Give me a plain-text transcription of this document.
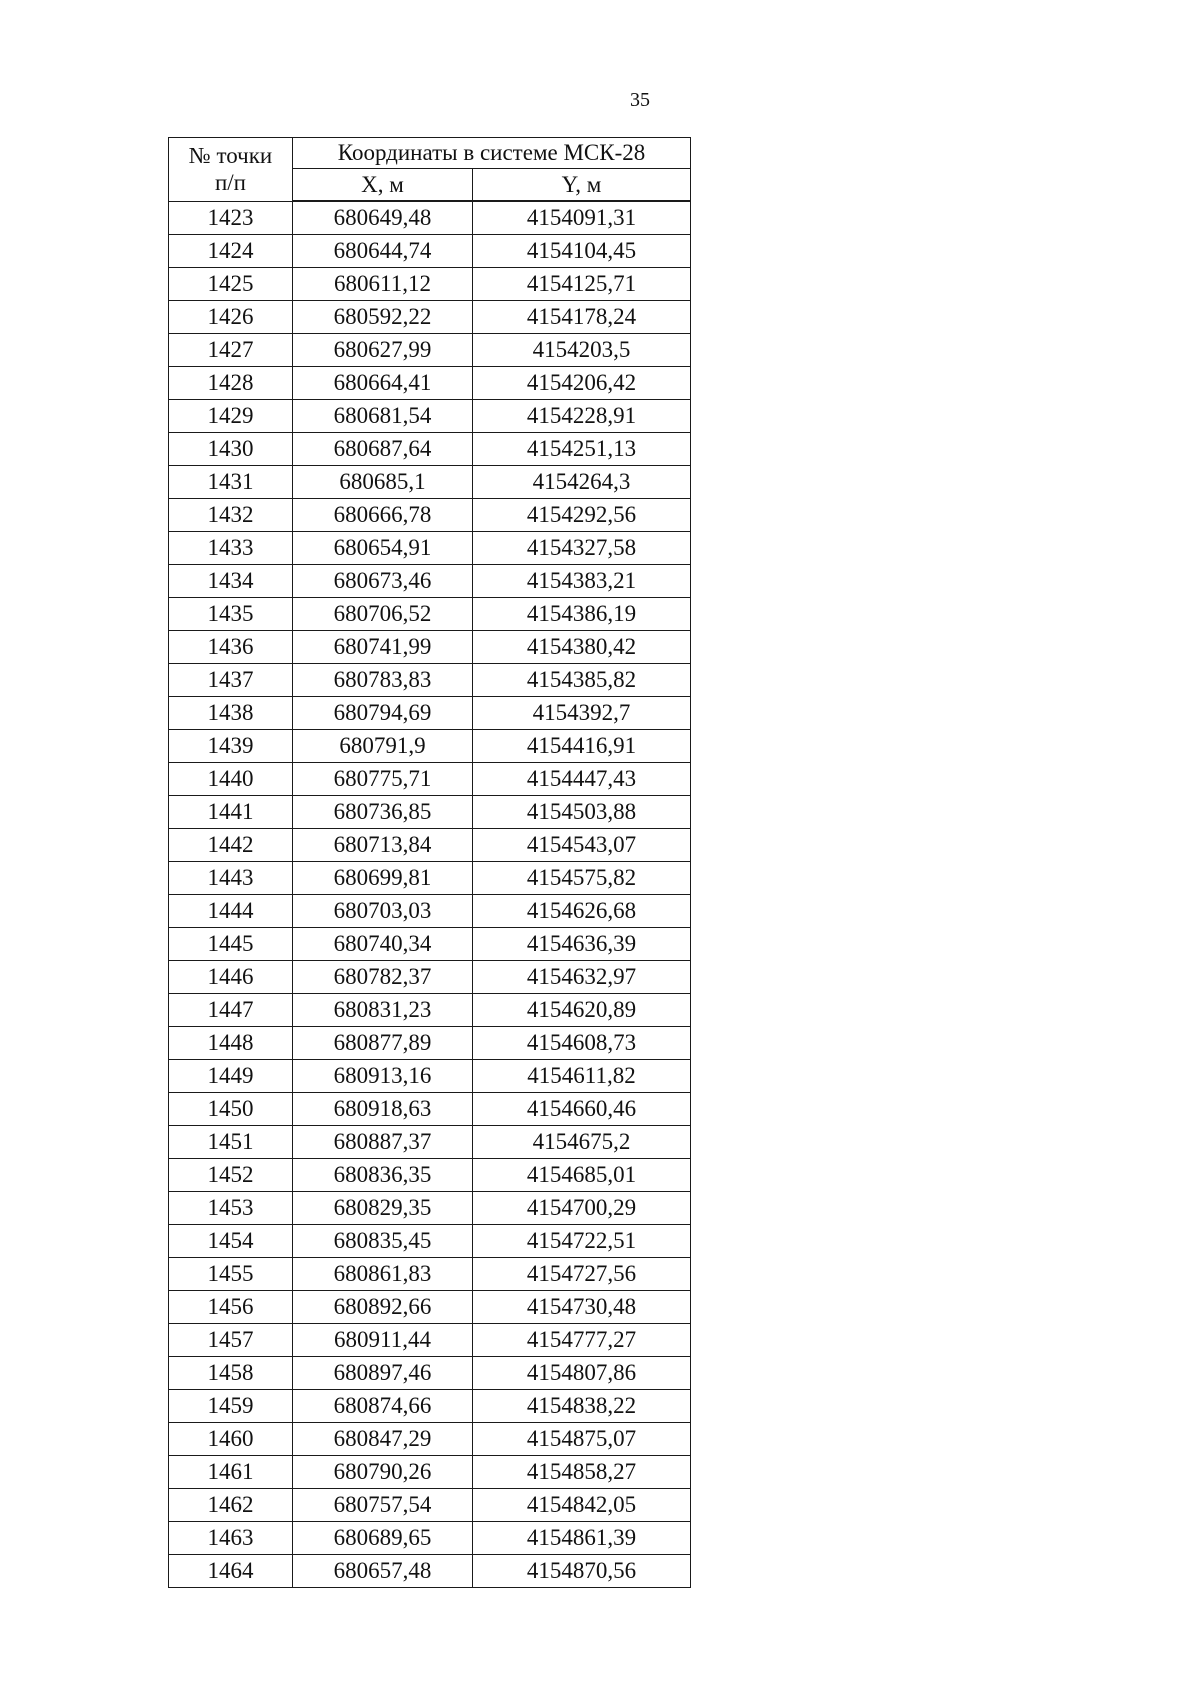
35
№ точки
п/п	Координаты в системе МСК-28	
	X, м	Y, м
1423	680649,48	4154091,31
1424	680644,74	4154104,45
1425	680611,12	4154125,71
1426	680592,22	4154178,24
1427	680627,99	4154203,5
1428	680664,41	4154206,42
1429	680681,54	4154228,91
1430	680687,64	4154251,13
1431	680685,1	4154264,3
1432	680666,78	4154292,56
1433	680654,91	4154327,58
1434	680673,46	4154383,21
1435	680706,52	4154386,19
1436	680741,99	4154380,42
1437	680783,83	4154385,82
1438	680794,69	4154392,7
1439	680791,9	4154416,91
1440	680775,71	4154447,43
1441	680736,85	4154503,88
1442	680713,84	4154543,07
1443	680699,81	4154575,82
1444	680703,03	4154626,68
1445	680740,34	4154636,39
1446	680782,37	4154632,97
1447	680831,23	4154620,89
1448	680877,89	4154608,73
1449	680913,16	4154611,82
1450	680918,63	4154660,46
1451	680887,37	4154675,2
1452	680836,35	4154685,01
1453	680829,35	4154700,29
1454	680835,45	4154722,51
1455	680861,83	4154727,56
1456	680892,66	4154730,48
1457	680911,44	4154777,27
1458	680897,46	4154807,86
1459	680874,66	4154838,22
1460	680847,29	4154875,07
1461	680790,26	4154858,27
1462	680757,54	4154842,05
1463	680689,65	4154861,39
1464	680657,48	4154870,56
